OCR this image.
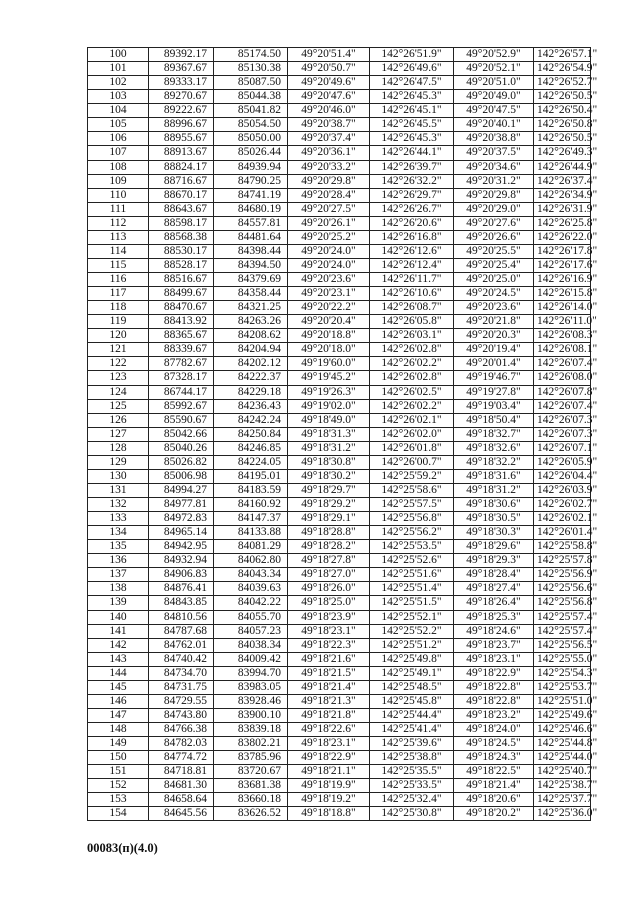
100	89392.17	85174.50	49°20'51.4"	142°26'51.9"	49°20'52.9"	142°26'57.1"
101	89367.67	85130.38	49°20'50.7"	142°26'49.6"	49°20'52.1"	142°26'54.9"
102	89333.17	85087.50	49°20'49.6"	142°26'47.5"	49°20'51.0"	142°26'52.7"
103	89270.67	85044.38	49°20'47.6"	142°26'45.3"	49°20'49.0"	142°26'50.5"
104	89222.67	85041.82	49°20'46.0"	142°26'45.1"	49°20'47.5"	142°26'50.4"
105	88996.67	85054.50	49°20'38.7"	142°26'45.5"	49°20'40.1"	142°26'50.8"
106	88955.67	85050.00	49°20'37.4"	142°26'45.3"	49°20'38.8"	142°26'50.5"
107	88913.67	85026.44	49°20'36.1"	142°26'44.1"	49°20'37.5"	142°26'49.3"
108	88824.17	84939.94	49°20'33.2"	142°26'39.7"	49°20'34.6"	142°26'44.9"
109	88716.67	84790.25	49°20'29.8"	142°26'32.2"	49°20'31.2"	142°26'37.4"
110	88670.17	84741.19	49°20'28.4"	142°26'29.7"	49°20'29.8"	142°26'34.9"
111	88643.67	84680.19	49°20'27.5"	142°26'26.7"	49°20'29.0"	142°26'31.9"
112	88598.17	84557.81	49°20'26.1"	142°26'20.6"	49°20'27.6"	142°26'25.8"
113	88568.38	84481.64	49°20'25.2"	142°26'16.8"	49°20'26.6"	142°26'22.0"
114	88530.17	84398.44	49°20'24.0"	142°26'12.6"	49°20'25.5"	142°26'17.8"
115	88528.17	84394.50	49°20'24.0"	142°26'12.4"	49°20'25.4"	142°26'17.6"
116	88516.67	84379.69	49°20'23.6"	142°26'11.7"	49°20'25.0"	142°26'16.9"
117	88499.67	84358.44	49°20'23.1"	142°26'10.6"	49°20'24.5"	142°26'15.8"
118	88470.67	84321.25	49°20'22.2"	142°26'08.7"	49°20'23.6"	142°26'14.0"
119	88413.92	84263.26	49°20'20.4"	142°26'05.8"	49°20'21.8"	142°26'11.0"
120	88365.67	84208.62	49°20'18.8"	142°26'03.1"	49°20'20.3"	142°26'08.3"
121	88339.67	84204.94	49°20'18.0"	142°26'02.8"	49°20'19.4"	142°26'08.1"
122	87782.67	84202.12	49°19'60.0"	142°26'02.2"	49°20'01.4"	142°26'07.4"
123	87328.17	84222.37	49°19'45.2"	142°26'02.8"	49°19'46.7"	142°26'08.0"
124	86744.17	84229.18	49°19'26.3"	142°26'02.5"	49°19'27.8"	142°26'07.8"
125	85992.67	84236.43	49°19'02.0"	142°26'02.2"	49°19'03.4"	142°26'07.4"
126	85590.67	84242.24	49°18'49.0"	142°26'02.1"	49°18'50.4"	142°26'07.3"
127	85042.66	84250.84	49°18'31.3"	142°26'02.0"	49°18'32.7"	142°26'07.3"
128	85040.26	84246.85	49°18'31.2"	142°26'01.8"	49°18'32.6"	142°26'07.1"
129	85026.82	84224.05	49°18'30.8"	142°26'00.7"	49°18'32.2"	142°26'05.9"
130	85006.98	84195.01	49°18'30.2"	142°25'59.2"	49°18'31.6"	142°26'04.4"
131	84994.27	84183.59	49°18'29.7"	142°25'58.6"	49°18'31.2"	142°26'03.9"
132	84977.81	84160.92	49°18'29.2"	142°25'57.5"	49°18'30.6"	142°26'02.7"
133	84972.83	84147.37	49°18'29.1"	142°25'56.8"	49°18'30.5"	142°26'02.1"
134	84965.14	84133.88	49°18'28.8"	142°25'56.2"	49°18'30.3"	142°26'01.4"
135	84942.95	84081.29	49°18'28.2"	142°25'53.5"	49°18'29.6"	142°25'58.8"
136	84932.94	84062.80	49°18'27.8"	142°25'52.6"	49°18'29.3"	142°25'57.8"
137	84906.83	84043.34	49°18'27.0"	142°25'51.6"	49°18'28.4"	142°25'56.9"
138	84876.41	84039.63	49°18'26.0"	142°25'51.4"	49°18'27.4"	142°25'56.6"
139	84843.85	84042.22	49°18'25.0"	142°25'51.5"	49°18'26.4"	142°25'56.8"
140	84810.56	84055.70	49°18'23.9"	142°25'52.1"	49°18'25.3"	142°25'57.4"
141	84787.68	84057.23	49°18'23.1"	142°25'52.2"	49°18'24.6"	142°25'57.4"
142	84762.01	84038.34	49°18'22.3"	142°25'51.2"	49°18'23.7"	142°25'56.5"
143	84740.42	84009.42	49°18'21.6"	142°25'49.8"	49°18'23.1"	142°25'55.0"
144	84734.70	83994.70	49°18'21.5"	142°25'49.1"	49°18'22.9"	142°25'54.3"
145	84731.75	83983.05	49°18'21.4"	142°25'48.5"	49°18'22.8"	142°25'53.7"
146	84729.55	83928.46	49°18'21.3"	142°25'45.8"	49°18'22.8"	142°25'51.0"
147	84743.80	83900.10	49°18'21.8"	142°25'44.4"	49°18'23.2"	142°25'49.6"
148	84766.38	83839.18	49°18'22.6"	142°25'41.4"	49°18'24.0"	142°25'46.6"
149	84782.03	83802.21	49°18'23.1"	142°25'39.6"	49°18'24.5"	142°25'44.8"
150	84774.72	83785.96	49°18'22.9"	142°25'38.8"	49°18'24.3"	142°25'44.0"
151	84718.81	83720.67	49°18'21.1"	142°25'35.5"	49°18'22.5"	142°25'40.7"
152	84681.30	83681.38	49°18'19.9"	142°25'33.5"	49°18'21.4"	142°25'38.7"
153	84658.64	83660.18	49°18'19.2"	142°25'32.4"	49°18'20.6"	142°25'37.7"
154	84645.56	83626.52	49°18'18.8"	142°25'30.8"	49°18'20.2"	142°25'36.0"
00083(п)(4.0)
